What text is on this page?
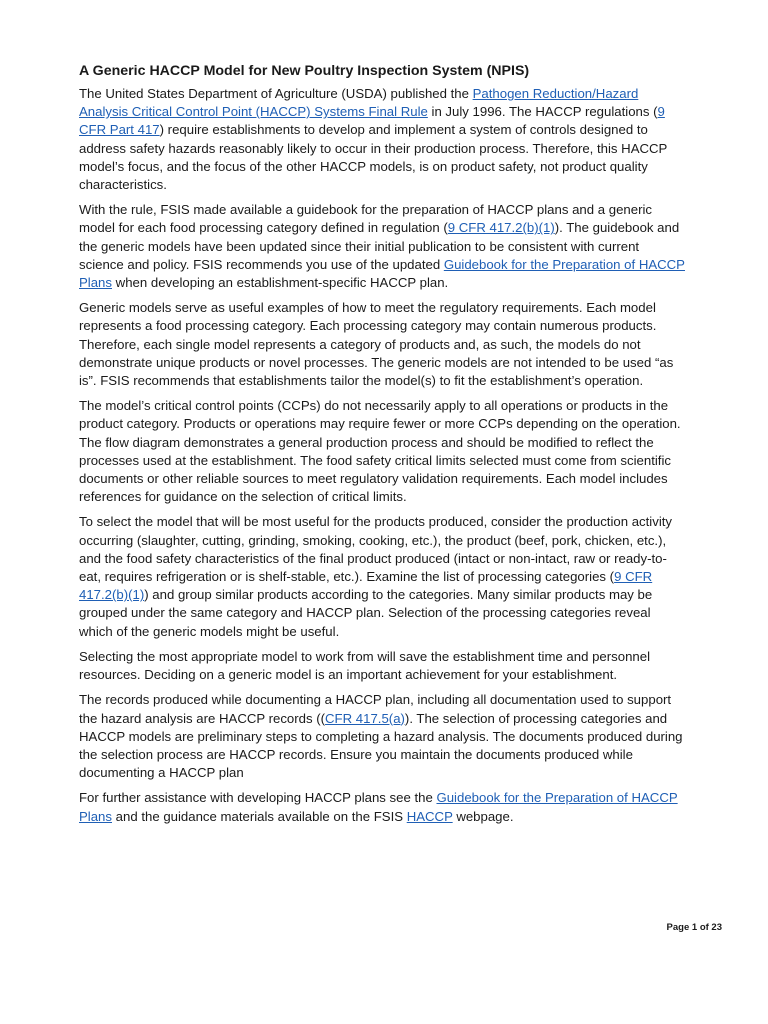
A Generic HACCP Model for New Poultry Inspection System (NPIS)

The United States Department of Agriculture (USDA) published the Pathogen Reduction/Hazard Analysis Critical Control Point (HACCP) Systems Final Rule in July 1996. The HACCP regulations (9 CFR Part 417) require establishments to develop and implement a system of controls designed to address safety hazards reasonably likely to occur in their production process. Therefore, this HACCP model’s focus, and the focus of the other HACCP models, is on product safety, not product quality characteristics.

With the rule, FSIS made available a guidebook for the preparation of HACCP plans and a generic model for each food processing category defined in regulation (9 CFR 417.2(b)(1)). The guidebook and the generic models have been updated since their initial publication to be consistent with current science and policy. FSIS recommends you use of the updated Guidebook for the Preparation of HACCP Plans when developing an establishment-specific HACCP plan.

Generic models serve as useful examples of how to meet the regulatory requirements. Each model represents a food processing category. Each processing category may contain numerous products. Therefore, each single model represents a category of products and, as such, the models do not demonstrate unique products or novel processes. The generic models are not intended to be used “as is”. FSIS recommends that establishments tailor the model(s) to fit the establishment’s operation.

The model’s critical control points (CCPs) do not necessarily apply to all operations or products in the product category. Products or operations may require fewer or more CCPs depending on the operation. The flow diagram demonstrates a general production process and should be modified to reflect the processes used at the establishment. The food safety critical limits selected must come from scientific documents or other reliable sources to meet regulatory validation requirements. Each model includes references for guidance on the selection of critical limits.

To select the model that will be most useful for the products produced, consider the production activity occurring (slaughter, cutting, grinding, smoking, cooking, etc.), the product (beef, pork, chicken, etc.), and the food safety characteristics of the final product produced (intact or non-intact, raw or ready-to-eat, requires refrigeration or is shelf-stable, etc.). Examine the list of processing categories (9 CFR 417.2(b)(1)) and group similar products according to the categories. Many similar products may be grouped under the same category and HACCP plan. Selection of the processing categories reveal which of the generic models might be useful.

Selecting the most appropriate model to work from will save the establishment time and personnel resources. Deciding on a generic model is an important achievement for your establishment.

The records produced while documenting a HACCP plan, including all documentation used to support the hazard analysis are HACCP records ((CFR 417.5(a)). The selection of processing categories and HACCP models are preliminary steps to completing a hazard analysis. The documents produced during the selection process are HACCP records. Ensure you maintain the documents produced while documenting a HACCP plan

For further assistance with developing HACCP plans see the Guidebook for the Preparation of HACCP Plans and the guidance materials available on the FSIS HACCP webpage.

Page 1 of 23
